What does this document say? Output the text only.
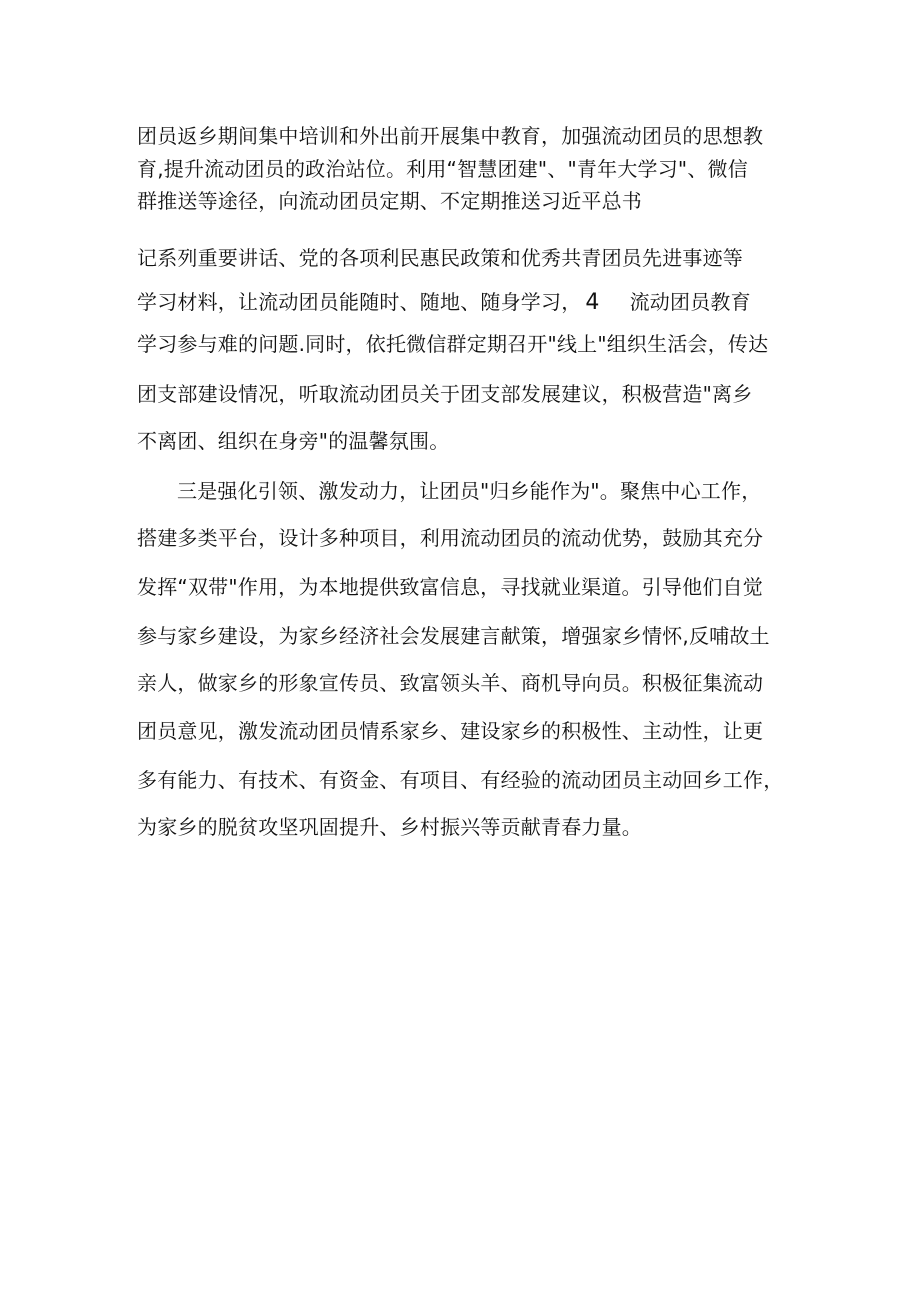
团员返乡期间集中培训和外出前开展集中教育，加强流动团员的思想教
育,提升流动团员的政治站位。利用“智慧团建"、"青年大学习"、微信
群推送等途径，向流动团员定期、不定期推送习近平总书
记系列重要讲话、党的各项利民惠民政策和优秀共青团员先进事迹等
学习材料，让流动团员能随时、随地、随身学习， 4 流动团员教育
学习参与难的问题.同时，依托微信群定期召开"线上"组织生活会，传达
团支部建设情况，听取流动团员关于团支部发展建议，积极营造"离乡
不离团、组织在身旁"的温馨氛围。
三是强化引领、激发动力，让团员"归乡能作为"。聚焦中心工作，
搭建多类平台，设计多种项目，利用流动团员的流动优势，鼓励其充分
发挥“双带"作用，为本地提供致富信息，寻找就业渠道。引导他们自觉
参与家乡建设，为家乡经济社会发展建言献策，增强家乡情怀,反哺故土
亲人，做家乡的形象宣传员、致富领头羊、商机导向员。积极征集流动
团员意见，激发流动团员情系家乡、建设家乡的积极性、主动性，让更
多有能力、有技术、有资金、有项目、有经验的流动团员主动回乡工作，
为家乡的脱贫攻坚巩固提升、乡村振兴等贡献青春力量。
